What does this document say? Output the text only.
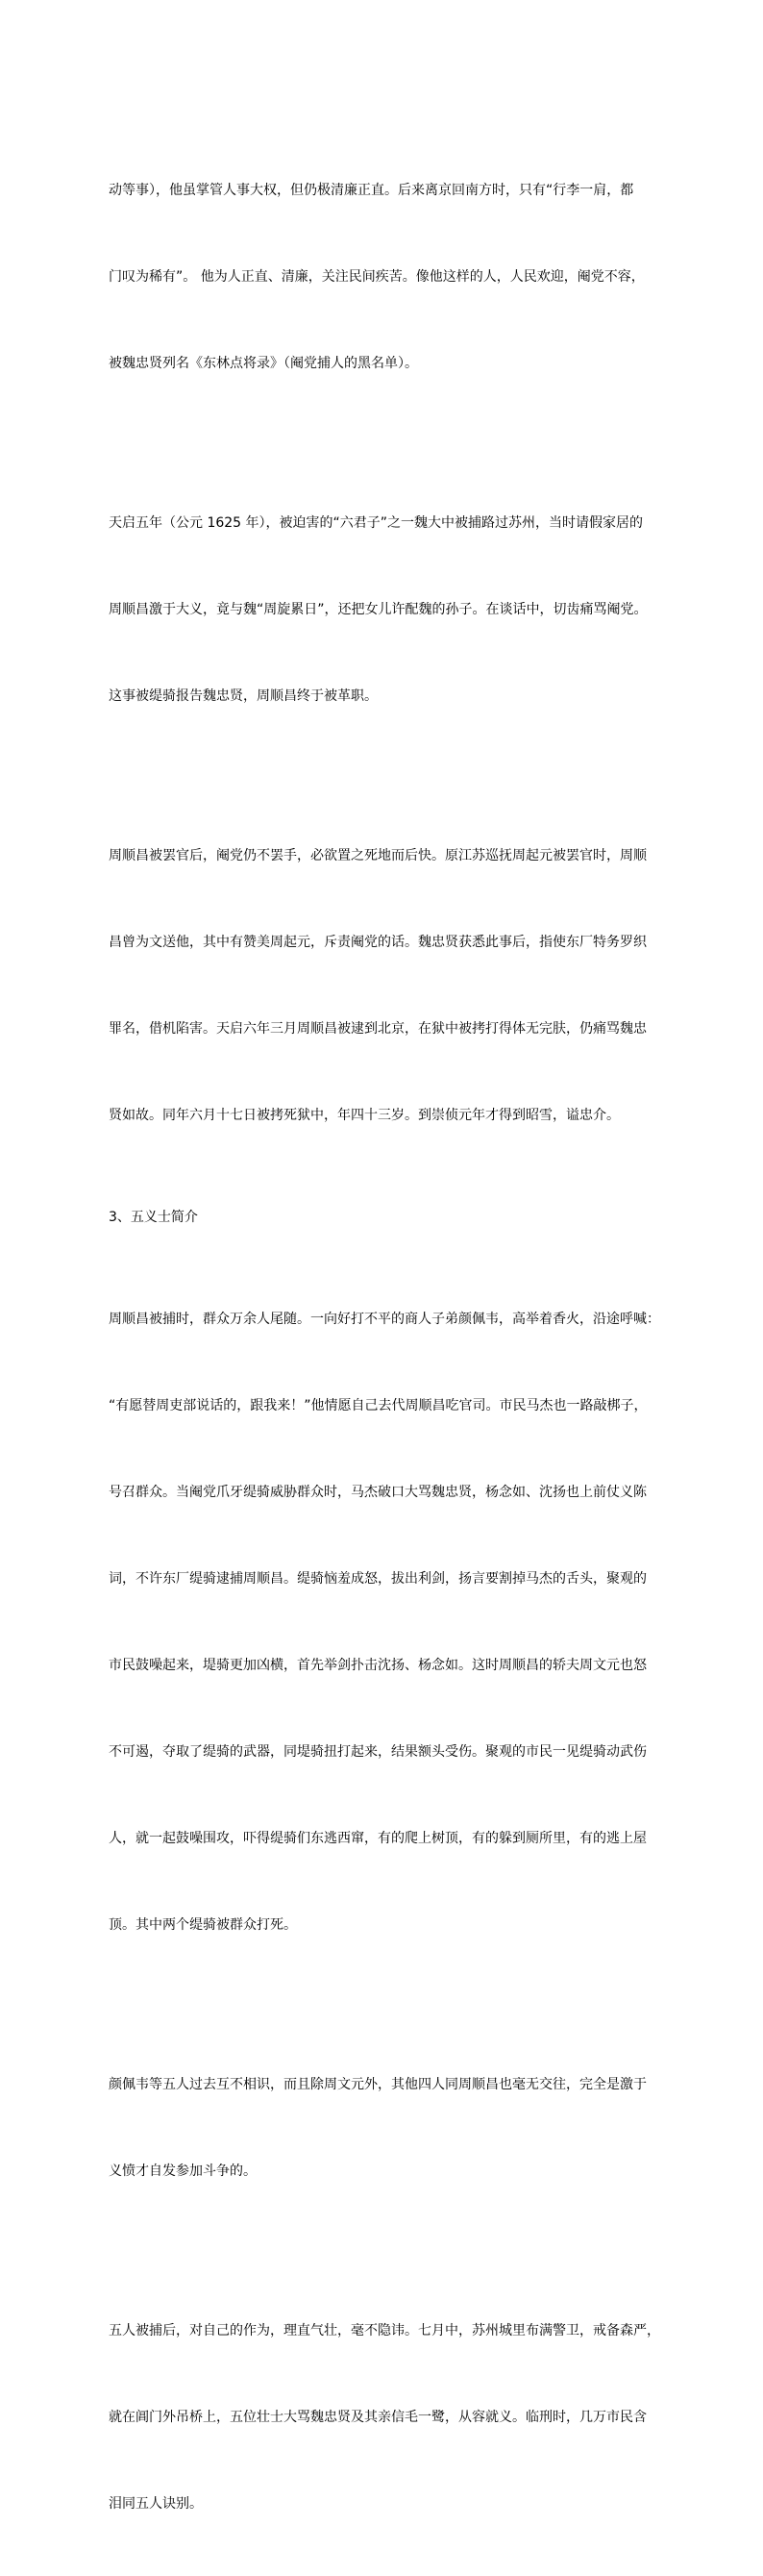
动等事），他虽掌管人事大权，但仍极清廉正直。后来离京回南方时，只有“行李一肩，都

门叹为稀有”。 他为人正直、清廉，关注民间疾苦。像他这样的人，人民欢迎，阉党不容，

被魏忠贤列名《东林点将录》（阉党捕人的黑名单）。

天启五年（公元 1625 年），被迫害的“六君子”之一魏大中被捕路过苏州，当时请假家居的

周顺昌激于大义，竟与魏“周旋累日”，还把女儿许配魏的孙子。在谈话中，切齿痛骂阉党。

这事被缇骑报告魏忠贤，周顺昌终于被革职。

周顺昌被罢官后，阉党仍不罢手，必欲置之死地而后快。原江苏巡抚周起元被罢官时，周顺

昌曾为文送他，其中有赞美周起元，斥责阉党的话。魏忠贤获悉此事后，指使东厂特务罗织

罪名，借机陷害。天启六年三月周顺昌被逮到北京，在狱中被拷打得体无完肤，仍痛骂魏忠

贤如故。同年六月十七日被拷死狱中，年四十三岁。到崇侦元年才得到昭雪，谥忠介。

3、五义士简介

周顺昌被捕时，群众万余人尾随。一向好打不平的商人子弟颜佩韦，高举着香火，沿途呼喊：

“有愿替周吏部说话的，跟我来！”他情愿自己去代周顺昌吃官司。市民马杰也一路敲梆子，

号召群众。当阉党爪牙缇骑威胁群众时，马杰破口大骂魏忠贤，杨念如、沈扬也上前仗义陈

词，不许东厂缇骑逮捕周顺昌。缇骑恼羞成怒，拔出利剑，扬言要割掉马杰的舌头，聚观的

市民鼓噪起来，堤骑更加凶横，首先举剑扑击沈扬、杨念如。这时周顺昌的轿夫周文元也怒

不可遏，夺取了缇骑的武器，同堤骑扭打起来，结果额头受伤。聚观的市民一见缇骑动武伤

人，就一起鼓噪围攻，吓得缇骑们东逃西窜，有的爬上树顶，有的躲到厕所里，有的逃上屋

顶。其中两个缇骑被群众打死。

颜佩韦等五人过去互不相识，而且除周文元外，其他四人同周顺昌也毫无交往，完全是激于

义愤才自发参加斗争的。

五人被捕后，对自己的作为，理直气壮，毫不隐讳。七月中，苏州城里布满警卫，戒备森严，

就在阊门外吊桥上，五位壮士大骂魏忠贤及其亲信毛一鹭，从容就义。临刑时，几万市民含

泪同五人诀别。
